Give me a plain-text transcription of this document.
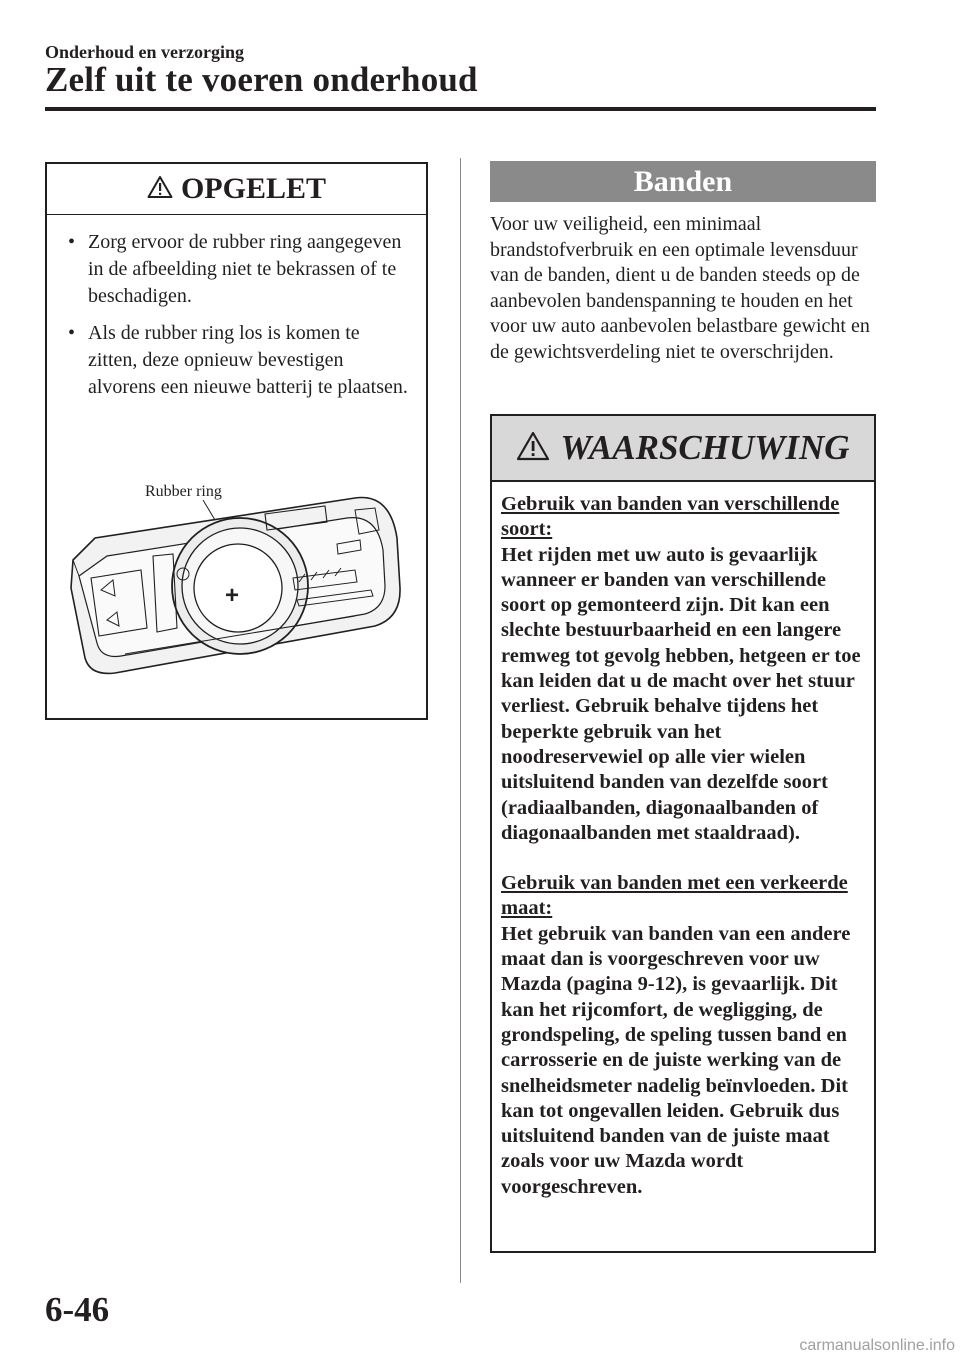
Onderhoud en verzorging
Zelf uit te voeren onderhoud
OPGELET
• Zorg ervoor de rubber ring aangegeven in de afbeelding niet te bekrassen of te beschadigen.
• Als de rubber ring los is komen te zitten, deze opnieuw bevestigen alvorens een nieuwe batterij te plaatsen.
Rubber ring
+
Banden

Voor uw veiligheid, een minimaal brandstofverbruik en een optimale levensduur van de banden, dient u de banden steeds op de aanbevolen bandenspanning te houden en het voor uw auto aanbevolen belastbare gewicht en de gewichtsverdeling niet te overschrijden.

WAARSCHUWING

Gebruik van banden van verschillende soort:

Het rijden met uw auto is gevaarlijk wanneer er banden van verschillende soort op gemonteerd zijn. Dit kan een slechte bestuurbaarheid en een langere remweg tot gevolg hebben, hetgeen er toe kan leiden dat u de macht over het stuur verliest. Gebruik behalve tijdens het beperkte gebruik van het noodreservewiel op alle vier wielen uitsluitend banden van dezelfde soort (radiaalbanden, diagonaalbanden of diagonaalbanden met staaldraad).

Gebruik van banden met een verkeerde maat:

Het gebruik van banden van een andere maat dan is voorgeschreven voor uw Mazda (pagina 9-12), is gevaarlijk. Dit kan het rijcomfort, de wegligging, de grondspeling, de speling tussen band en carrosserie en de juiste werking van de snelheidsmeter nadelig beïnvloeden. Dit kan tot ongevallen leiden. Gebruik dus uitsluitend banden van de juiste maat zoals voor uw Mazda wordt voorgeschreven.

6-46
carmanualsonline.info
